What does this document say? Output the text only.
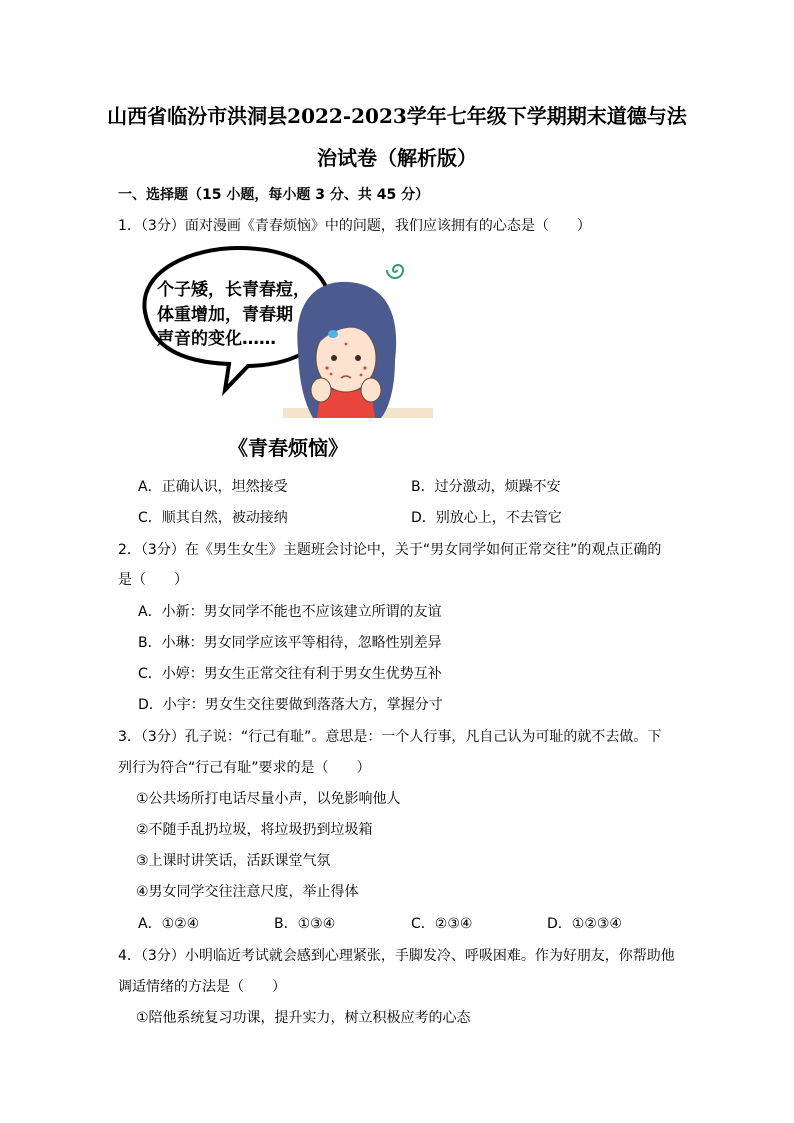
山西省临汾市洪洞县2022-2023学年七年级下学期期末道德与法
治试卷（解析版）
一、选择题（15 小题，每小题 3 分、共 45 分）
1．（3分）面对漫画《青春烦恼》中的问题，我们应该拥有的心态是（　　）
个子矮，长青春痘，
体重增加，青春期
声音的变化……
《青春烦恼》
A．正确认识，坦然接受	B．过分激动，烦躁不安
C．顺其自然，被动接纳	D．别放心上，不去管它
2．（3分）在《男生女生》主题班会讨论中，关于“男女同学如何正常交往”的观点正确的
是（　　）
A．小新：男女同学不能也不应该建立所谓的友谊
B．小琳：男女同学应该平等相待，忽略性别差异
C．小婷：男女生正常交往有利于男女生优势互补
D．小宇：男女生交往要做到落落大方，掌握分寸
3．（3分）孔子说：“行己有耻”。意思是：一个人行事，凡自己认为可耻的就不去做。下
列行为符合“行己有耻”要求的是（　　）
①公共场所打电话尽量小声，以免影响他人
②不随手乱扔垃圾，将垃圾扔到垃圾箱
③上课时讲笑话，活跃课堂气氛
④男女同学交往注意尺度，举止得体
A．①②④	B．①③④	C．②③④	D．①②③④
4．（3分）小明临近考试就会感到心理紧张，手脚发冷、呼吸困难。作为好朋友，你帮助他
调适情绪的方法是（　　）
①陪他系统复习功课，提升实力，树立积极应考的心态
